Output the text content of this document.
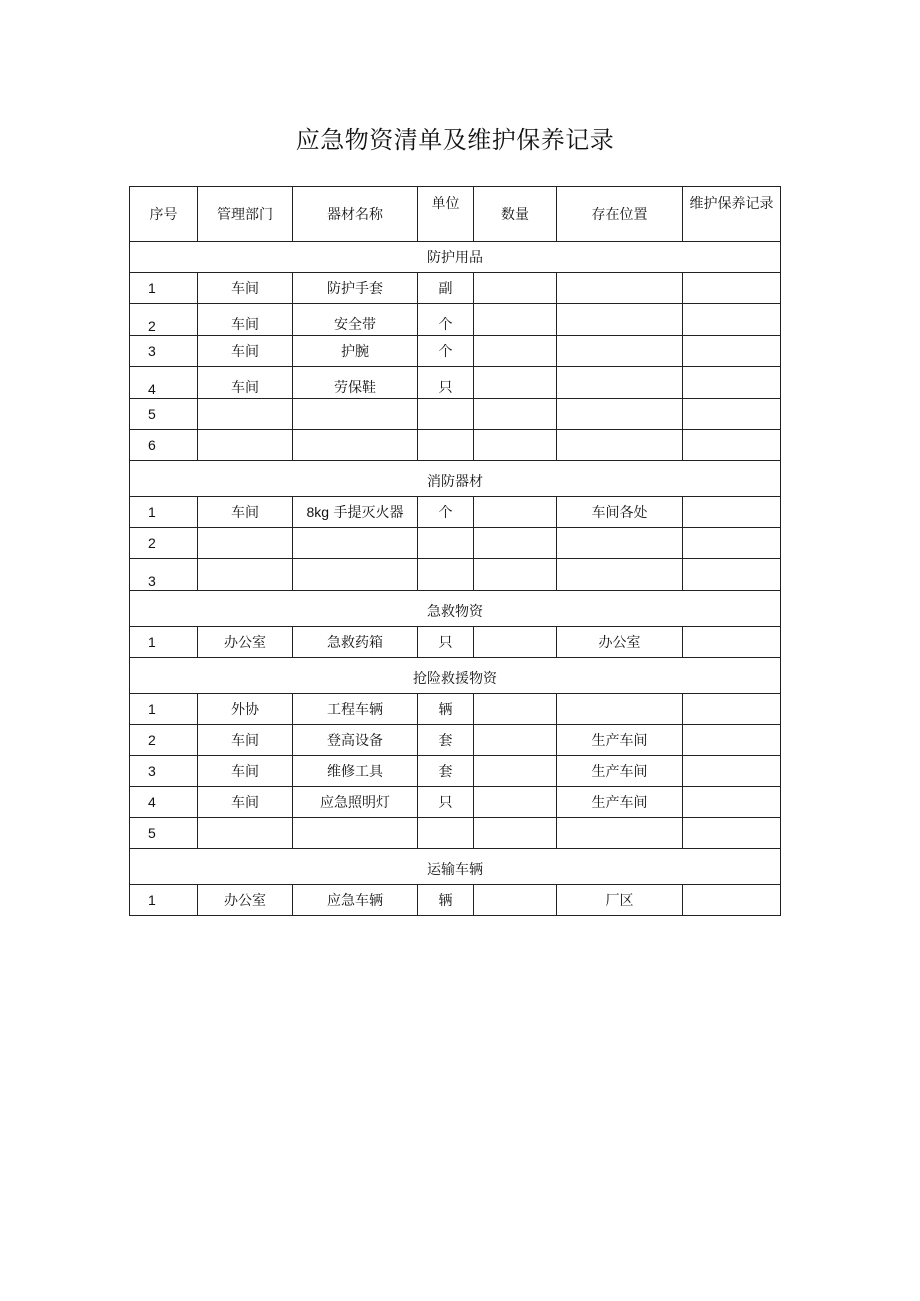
应急物资清单及维护保养记录
序号	管理部门	器材名称	单位	数量	存在位置	维护保养记录
防护用品						
1	车间	防护手套	副			
2	车间	安全带	个			
3	车间	护腕	个			
4	车间	劳保鞋	只			
5						
6						
消防器材						
1	车间	8kg 手提灭火器	个		车间各处	
2						
3						
急救物资						
1	办公室	急救药箱	只		办公室	
抢险救援物资						
1	外协	工程车辆	辆			
2	车间	登高设备	套		生产车间	
3	车间	维修工具	套		生产车间	
4	车间	应急照明灯	只		生产车间	
5						
运输车辆						
1	办公室	应急车辆	辆		厂区	
